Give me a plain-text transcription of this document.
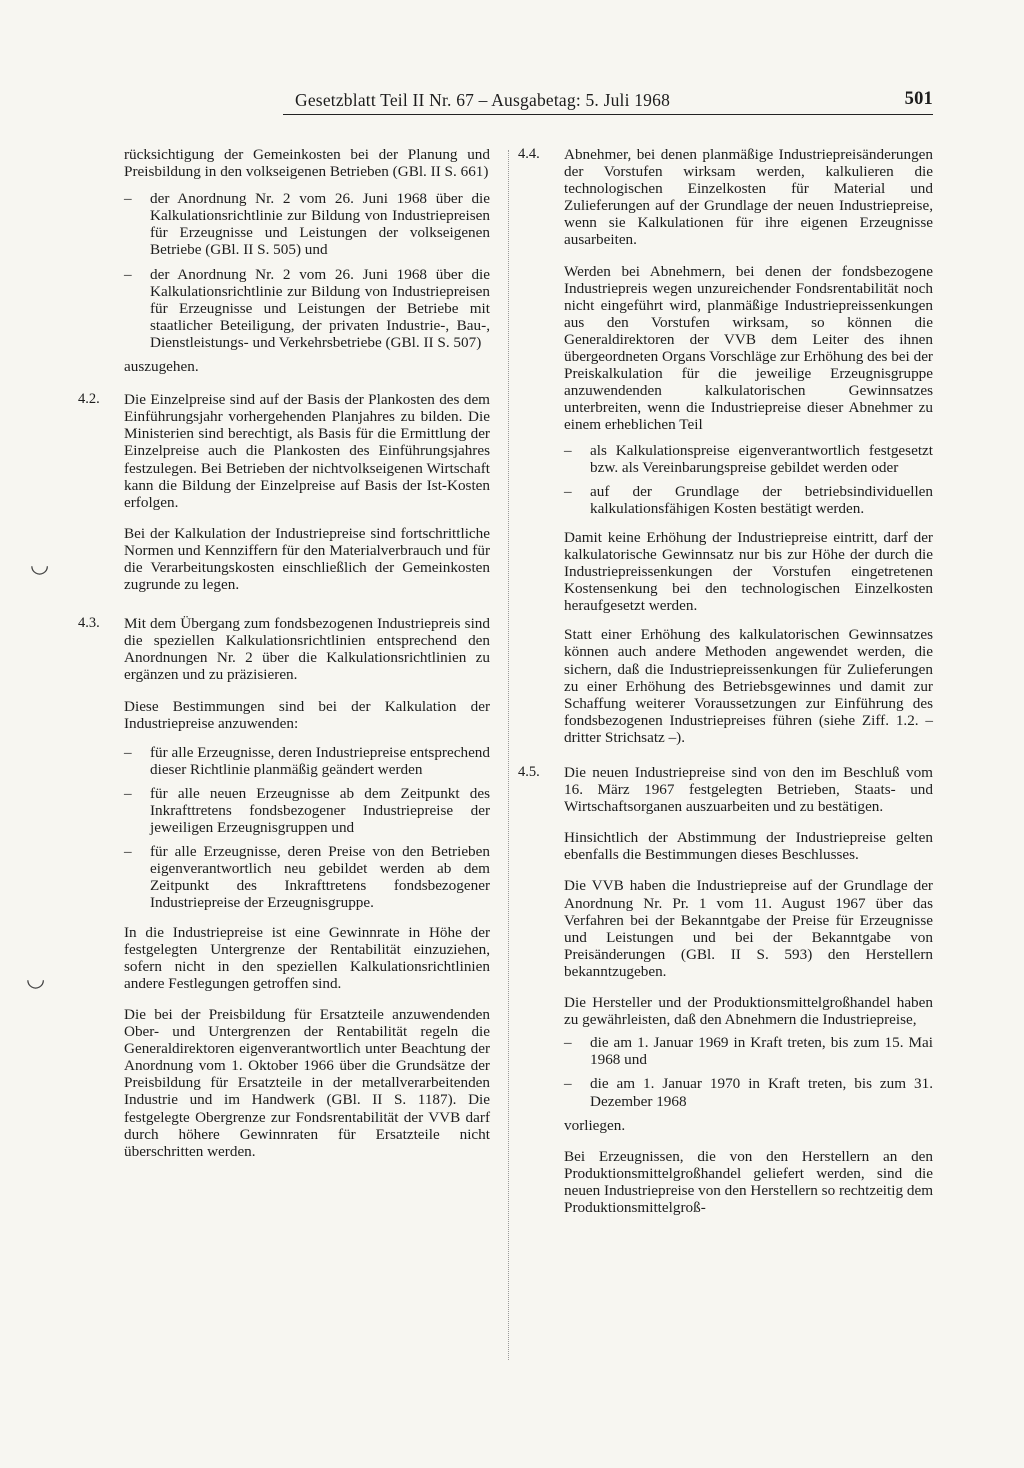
Gesetzblatt Teil II Nr. 67 – Ausgabetag: 5. Juli 1968	501
rücksichtigung der Gemeinkosten bei der Planung und Preisbildung in den volkseigenen Betrieben (GBl. II S. 661)
– der Anordnung Nr. 2 vom 26. Juni 1968 über die Kalkulationsrichtlinie zur Bildung von Industriepreisen für Erzeugnisse und Leistungen der volkseigenen Betriebe (GBl. II S. 505) und
– der Anordnung Nr. 2 vom 26. Juni 1968 über die Kalkulationsrichtlinie zur Bildung von Industriepreisen für Erzeugnisse und Leistungen der Betriebe mit staatlicher Beteiligung, der privaten Industrie-, Bau-, Dienstleistungs- und Verkehrsbetriebe (GBl. II S. 507)
auszugehen.
4.2. Die Einzelpreise sind auf der Basis der Plankosten des dem Einführungsjahr vorhergehenden Planjahres zu bilden. Die Ministerien sind berechtigt, als Basis für die Ermittlung der Einzelpreise auch die Plankosten des Einführungsjahres festzulegen. Bei Betrieben der nichtvolkseigenen Wirtschaft kann die Bildung der Einzelpreise auf Basis der Ist-Kosten erfolgen.
Bei der Kalkulation der Industriepreise sind fortschrittliche Normen und Kennziffern für den Materialverbrauch und für die Verarbeitungskosten einschließlich der Gemeinkosten zugrunde zu legen.
4.3. Mit dem Übergang zum fondsbezogenen Industriepreis sind die speziellen Kalkulationsrichtlinien entsprechend den Anordnungen Nr. 2 über die Kalkulationsrichtlinien zu ergänzen und zu präzisieren.
Diese Bestimmungen sind bei der Kalkulation der Industriepreise anzuwenden:
– für alle Erzeugnisse, deren Industriepreise entsprechend dieser Richtlinie planmäßig geändert werden
– für alle neuen Erzeugnisse ab dem Zeitpunkt des Inkrafttretens fondsbezogener Industriepreise der jeweiligen Erzeugnisgruppen und
– für alle Erzeugnisse, deren Preise von den Betrieben eigenverantwortlich neu gebildet werden ab dem Zeitpunkt des Inkrafttretens fondsbezogener Industriepreise der Erzeugnisgruppe.
In die Industriepreise ist eine Gewinnrate in Höhe der festgelegten Untergrenze der Rentabilität einzuziehen, sofern nicht in den speziellen Kalkulationsrichtlinien andere Festlegungen getroffen sind.
Die bei der Preisbildung für Ersatzteile anzuwendenden Ober- und Untergrenzen der Rentabilität regeln die Generaldirektoren eigenverantwortlich unter Beachtung der Anordnung vom 1. Oktober 1966 über die Grundsätze der Preisbildung für Ersatzteile in der metallverarbeitenden Industrie und im Handwerk (GBl. II S. 1187). Die festgelegte Obergrenze zur Fondsrentabilität der VVB darf durch höhere Gewinnraten für Ersatzteile nicht überschritten werden.
4.4. Abnehmer, bei denen planmäßige Industriepreisänderungen der Vorstufen wirksam werden, kalkulieren die technologischen Einzelkosten für Material und Zulieferungen auf der Grundlage der neuen Industriepreise, wenn sie Kalkulationen für ihre eigenen Erzeugnisse ausarbeiten.
Werden bei Abnehmern, bei denen der fondsbezogene Industriepreis wegen unzureichender Fondsrentabilität noch nicht eingeführt wird, planmäßige Industriepreissenkungen aus den Vorstufen wirksam, so können die Generaldirektoren der VVB dem Leiter des ihnen übergeordneten Organs Vorschläge zur Erhöhung des bei der Preiskalkulation für die jeweilige Erzeugnisgruppe anzuwendenden kalkulatorischen Gewinnsatzes unterbreiten, wenn die Industriepreise dieser Abnehmer zu einem erheblichen Teil
– als Kalkulationspreise eigenverantwortlich festgesetzt bzw. als Vereinbarungspreise gebildet werden oder
– auf der Grundlage der betriebsindividuellen kalkulationsfähigen Kosten bestätigt werden.
Damit keine Erhöhung der Industriepreise eintritt, darf der kalkulatorische Gewinnsatz nur bis zur Höhe der durch die Industriepreissenkungen der Vorstufen eingetretenen Kostensenkung bei den technologischen Einzelkosten heraufgesetzt werden.
Statt einer Erhöhung des kalkulatorischen Gewinnsatzes können auch andere Methoden angewendet werden, die sichern, daß die Industriepreissenkungen für Zulieferungen zu einer Erhöhung des Betriebsgewinnes und damit zur Schaffung weiterer Voraussetzungen zur Einführung des fondsbezogenen Industriepreises führen (siehe Ziff. 1.2. – dritter Strichsatz –).
4.5. Die neuen Industriepreise sind von den im Beschluß vom 16. März 1967 festgelegten Betrieben, Staats- und Wirtschaftsorganen auszuarbeiten und zu bestätigen.
Hinsichtlich der Abstimmung der Industriepreise gelten ebenfalls die Bestimmungen dieses Beschlusses.
Die VVB haben die Industriepreise auf der Grundlage der Anordnung Nr. Pr. 1 vom 11. August 1967 über das Verfahren bei der Bekanntgabe der Preise für Erzeugnisse und Leistungen und bei der Bekanntgabe von Preisänderungen (GBl. II S. 593) den Herstellern bekanntzugeben.
Die Hersteller und der Produktionsmittelgroßhandel haben zu gewährleisten, daß den Abnehmern die Industriepreise,
– die am 1. Januar 1969 in Kraft treten, bis zum 15. Mai 1968 und
– die am 1. Januar 1970 in Kraft treten, bis zum 31. Dezember 1968
vorliegen.
Bei Erzeugnissen, die von den Herstellern an den Produktionsmittelgroßhandel geliefert werden, sind die neuen Industriepreise von den Herstellern so rechtzeitig dem Produktionsmittelgroß-
◡
◡
